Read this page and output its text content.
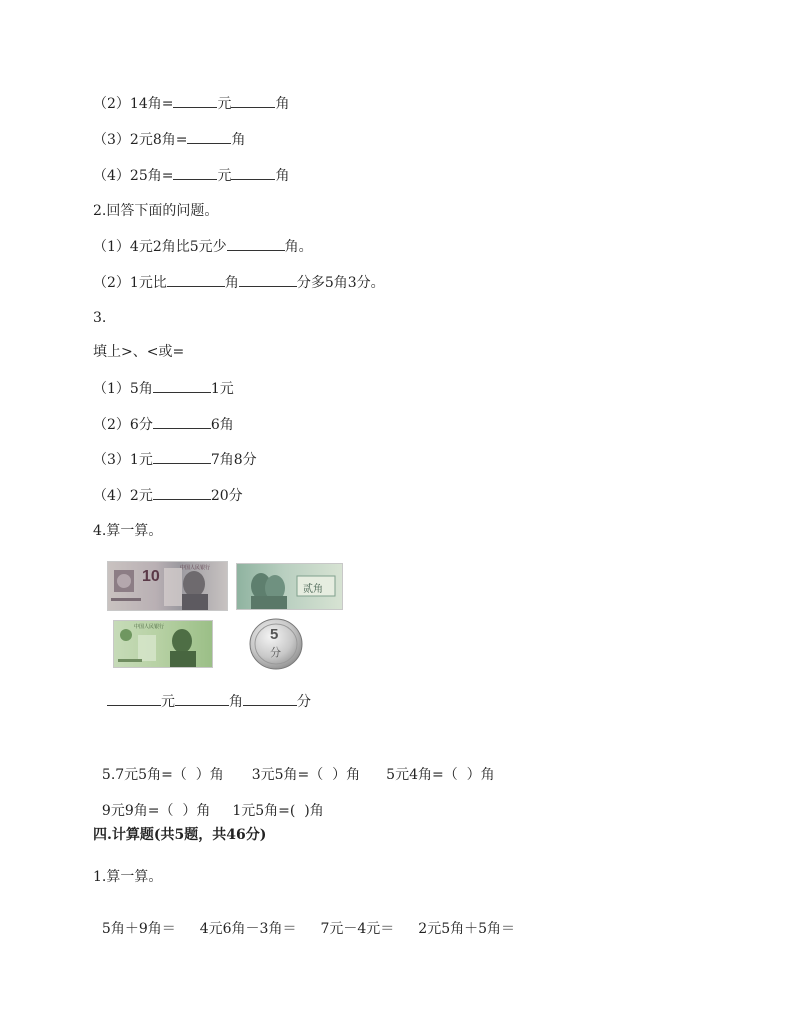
（2）14角=	元	角
（3）2元8角=	角
（4）25角=	元	角
2.回答下面的问题。
（1）4元2角比5元少	角。
（2）1元比	角	分多5角3分。
3.
填上>、<或=
（1）5角	1元
（2）6分	6角
（3）1元	7角8分
（4）2元	20分
4.算一算。
10	中国人民银行
贰角
中国人民银行	5
分
元	角	分

5.7元5角=（  ）角 3元5角=（  ）角 5元4角=（  ）角

9元9角=（  ）角 1元5角=(  )角

四.计算题(共5题，共46分)
1.算一算。

5角＋9角＝ 4元6角－3角＝ 7元－4元＝ 2元5角＋5角＝
